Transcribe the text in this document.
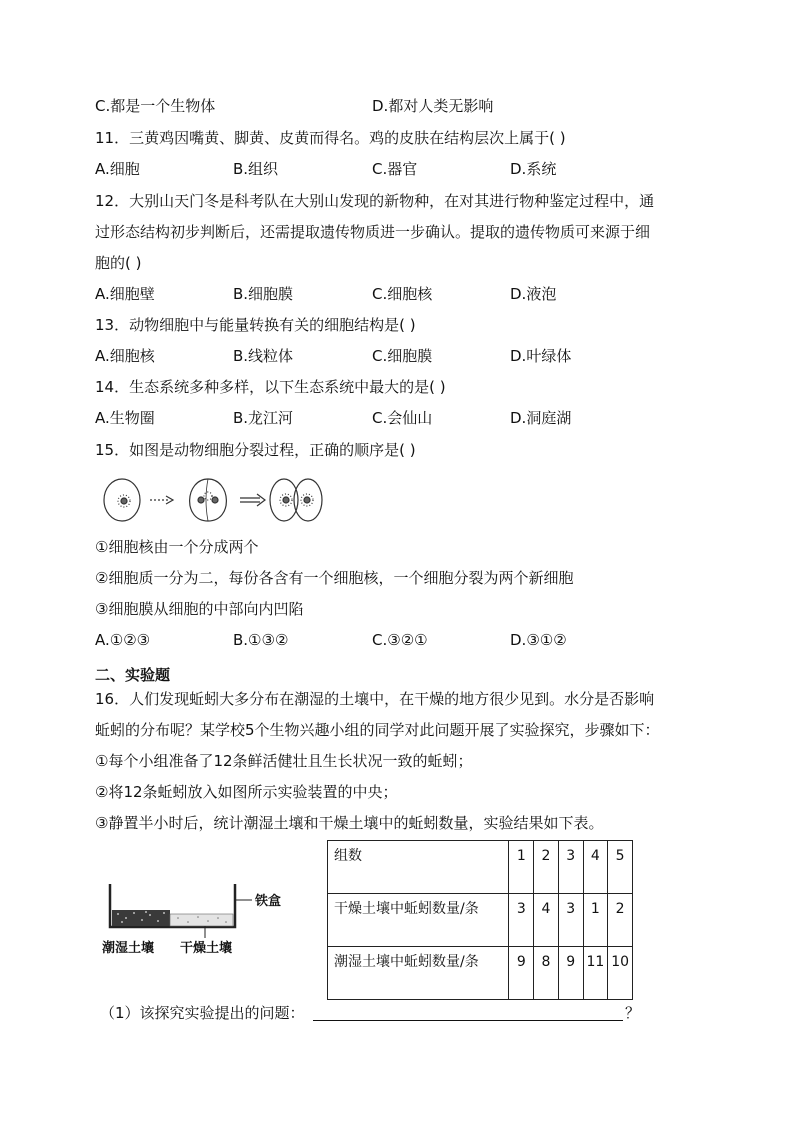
C.都是一个生物体	D.都对人类无影响
11．三黄鸡因嘴黄、脚黄、皮黄而得名。鸡的皮肤在结构层次上属于( )
A.细胞	B.组织	C.器官	D.系统
12．大别山天门冬是科考队在大别山发现的新物种，在对其进行物种鉴定过程中，通
过形态结构初步判断后，还需提取遗传物质进一步确认。提取的遗传物质可来源于细
胞的( )
A.细胞壁	B.细胞膜	C.细胞核	D.液泡
13．动物细胞中与能量转换有关的细胞结构是( )
A.细胞核	B.线粒体	C.细胞膜	D.叶绿体
14．生态系统多种多样，以下生态系统中最大的是( )
A.生物圈	B.龙江河	C.会仙山	D.洞庭湖
15．如图是动物细胞分裂过程，正确的顺序是( )
①细胞核由一个分成两个
②细胞质一分为二，每份各含有一个细胞核，一个细胞分裂为两个新细胞
③细胞膜从细胞的中部向内凹陷
A.①②③	B.①③②	C.③②①	D.③①②
二、实验题
16．人们发现蚯蚓大多分布在潮湿的土壤中，在干燥的地方很少见到。水分是否影响
蚯蚓的分布呢？某学校5个生物兴趣小组的同学对此问题开展了实验探究，步骤如下：
①每个小组准备了12条鲜活健壮且生长状况一致的蚯蚓；
②将12条蚯蚓放入如图所示实验装置的中央；
③静置半小时后，统计潮湿土壤和干燥土壤中的蚯蚓数量，实验结果如下表。
铁盒
潮湿土壤 干燥土壤
组数	1	2	3	4	5
干燥土壤中蚯蚓数量/条	3	4	3	1	2
潮湿土壤中蚯蚓数量/条	9	8	9	11	10
（1）该探究实验提出的问题：	？
